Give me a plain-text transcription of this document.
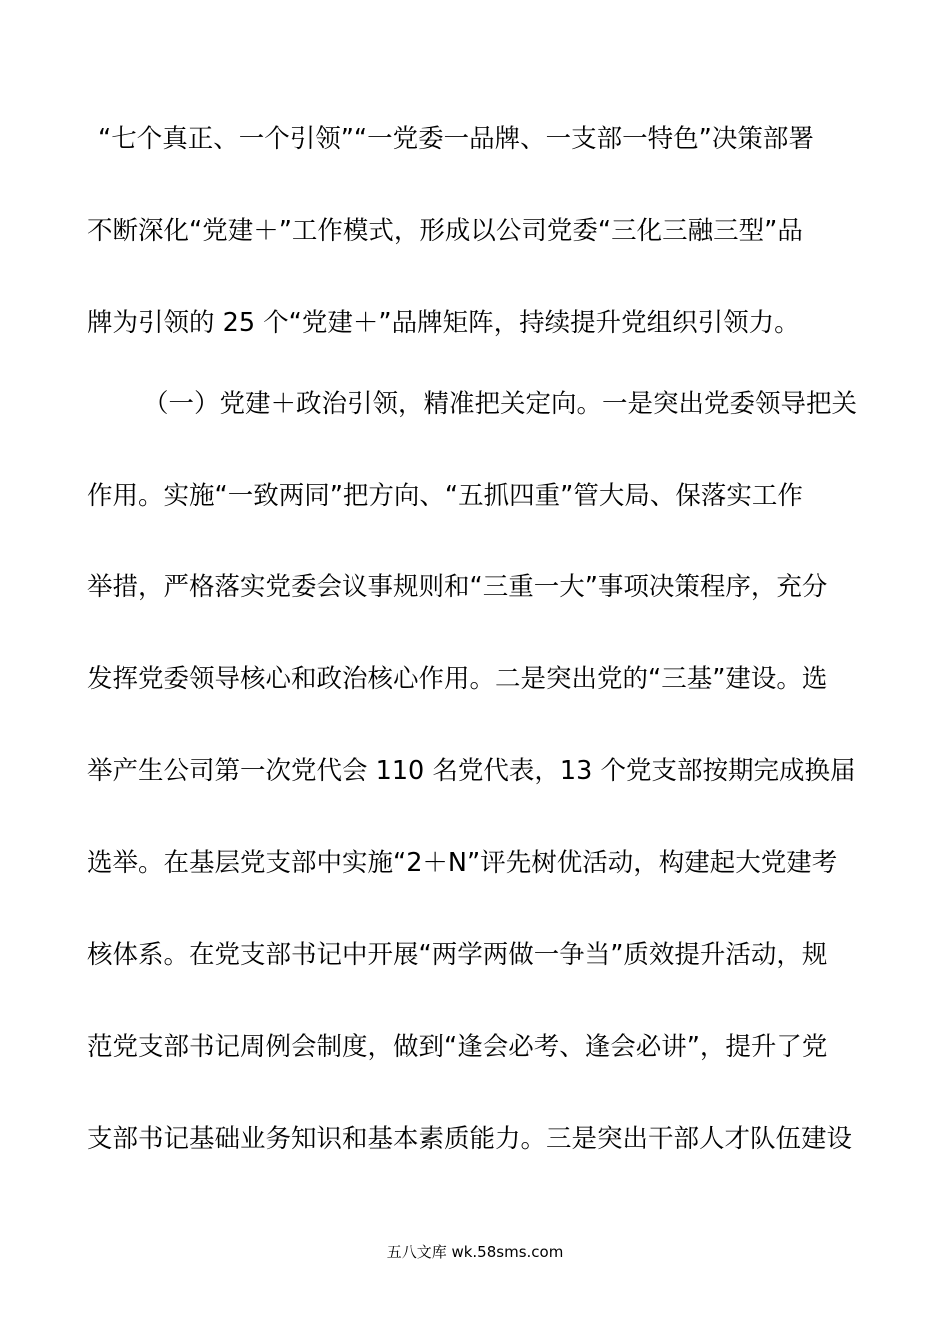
“七个真正、一个引领”“一党委一品牌、一支部一特色”决策部署
不断深化“党建＋”工作模式，形成以公司党委“三化三融三型”品
牌为引领的 25 个“党建＋”品牌矩阵，持续提升党组织引领力。
（一）党建＋政治引领，精准把关定向。一是突出党委领导把关
作用。实施“一致两同”把方向、“五抓四重”管大局、保落实工作
举措，严格落实党委会议事规则和“三重一大”事项决策程序，充分
发挥党委领导核心和政治核心作用。二是突出党的“三基”建设。选
举产生公司第一次党代会 110 名党代表，13 个党支部按期完成换届
选举。在基层党支部中实施“2＋N”评先树优活动，构建起大党建考
核体系。在党支部书记中开展“两学两做一争当”质效提升活动，规
范党支部书记周例会制度，做到“逢会必考、逢会必讲”，提升了党
支部书记基础业务知识和基本素质能力。三是突出干部人才队伍建设
五八文库 wk.58sms.com
